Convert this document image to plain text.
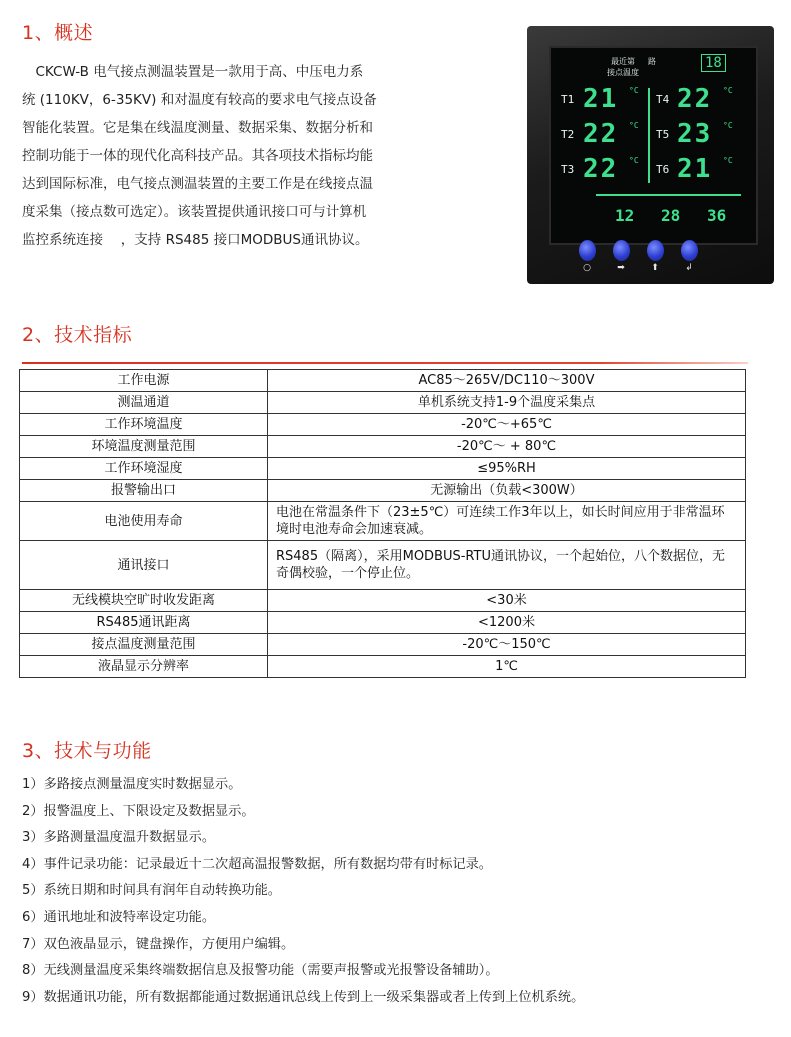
1、概述

　CKCW-B 电气接点测温装置是一款用于高、中压电力系
统 (110KV，6-35KV) 和对温度有较高的要求电气接点设备
智能化装置。它是集在线温度测量、数据采集、数据分析和
控制功能于一体的现代化高科技产品。其各项技术指标均能
达到国际标准，电气接点测温装置的主要工作是在线接点温
度采集（接点数可选定）。该装置提供通讯接口可与计算机
监控系统连接 　，支持 RS485 接口MODBUS通讯协议。

最近第 路
接点温度
18
T1 21 °C
T2 22 °C
T3 22 °C
T4 22 °C
T5 23 °C
T6 21 °C
12 28 36
○	➡	⬆	↲
2、技术指标
工作电源	AC85～265V/DC110～300V
测温通道	单机系统支持1-9个温度采集点
工作环境温度	-20℃～+65℃
环境温度测量范围	-20℃～ + 80℃
工作环境湿度	≤95%RH
报警输出口	无源输出（负载<300W）
电池使用寿命	电池在常温条件下（23±5℃）可连续工作3年以上，如长时间应用于非常温环境时电池寿命会加速衰减。
通讯接口	RS485（隔离），采用MODBUS-RTU通讯协议，一个起始位，八个数据位，无奇偶校验，一个停止位。
无线模块空旷时收发距离	<30米
RS485通讯距离	<1200米
接点温度测量范围	-20℃～150℃
液晶显示分辨率	1℃
3、技术与功能
1）多路接点测量温度实时数据显示。
2）报警温度上、下限设定及数据显示。
3）多路测量温度温升数据显示。
4）事件记录功能：记录最近十二次超高温报警数据，所有数据均带有时标记录。
5）系统日期和时间具有润年自动转换功能。
6）通讯地址和波特率设定功能。
7）双色液晶显示，键盘操作，方便用户编辑。
8）无线测量温度采集终端数据信息及报警功能（需要声报警或光报警设备辅助）。
9）数据通讯功能，所有数据都能通过数据通讯总线上传到上一级采集器或者上传到上位机系统。
